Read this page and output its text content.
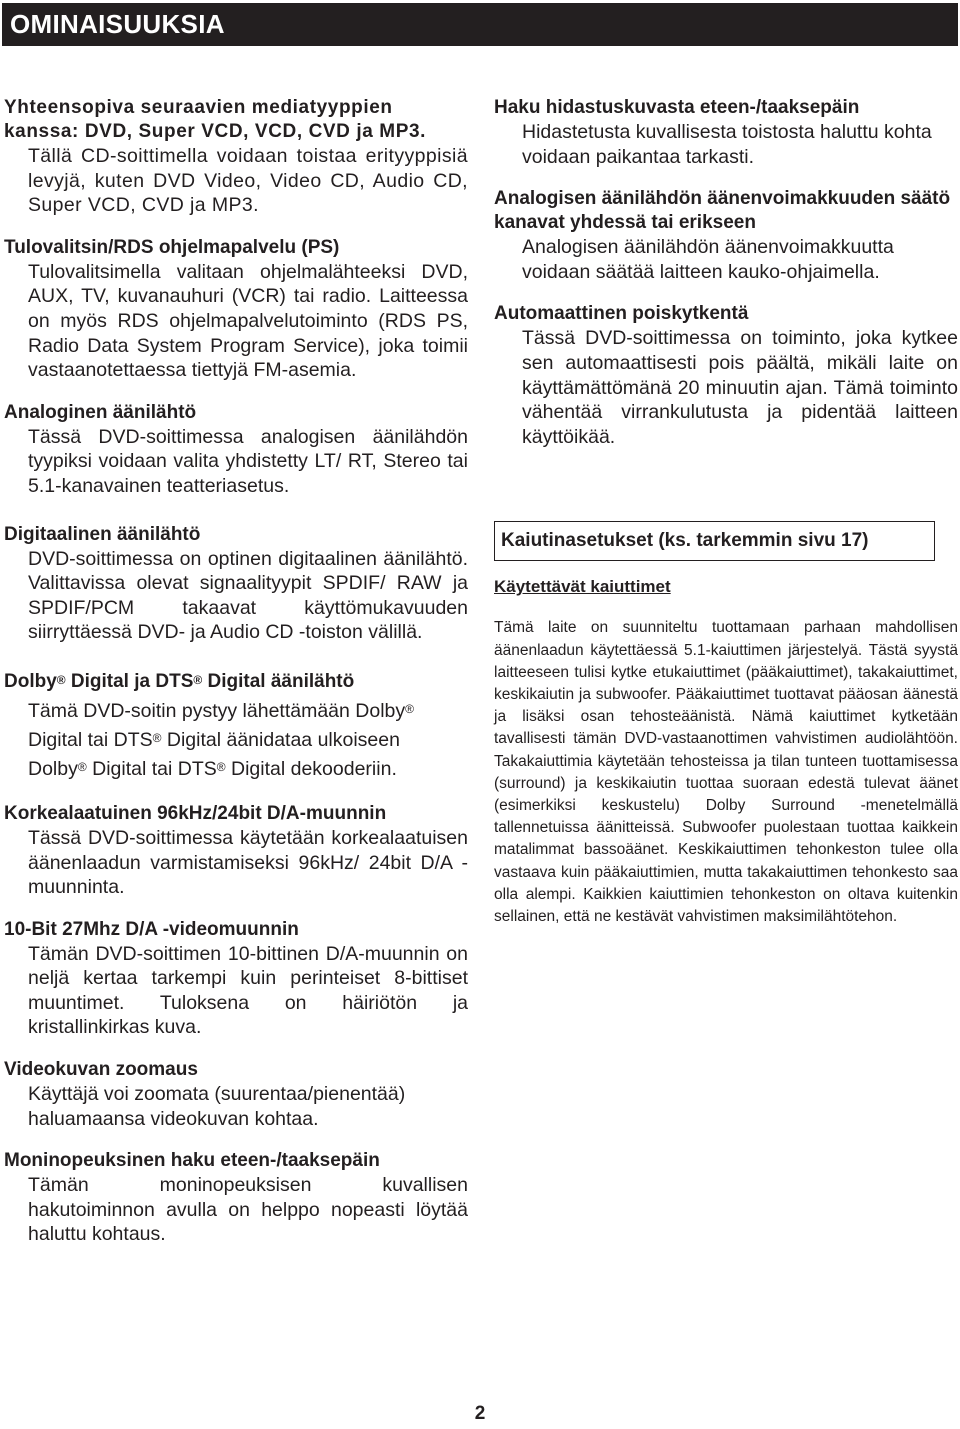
OMINAISUUKSIA
Yhteensopiva seuraavien mediatyyppien kanssa: DVD, Super VCD, VCD, CVD ja MP3.

Tällä CD-soittimella voidaan toistaa erityyppisiä levyjä, kuten DVD Video, Video CD, Audio CD, Super VCD, CVD ja MP3.

Tulovalitsin/RDS ohjelmapalvelu (PS)

Tulovalitsimella valitaan ohjelmalähteeksi DVD, AUX, TV, kuvanauhuri (VCR) tai radio. Laitteessa on myös RDS ohjelmapalvelutoiminto (RDS PS, Radio Data System Program Service), joka toimii vastaanotettaessa tiettyjä FM-asemia.

Analoginen äänilähtö

Tässä DVD-soittimessa analogisen äänilähdön tyypiksi voidaan valita yhdistetty LT/ RT, Stereo tai 5.1-kanavainen teatteriasetus.

Digitaalinen äänilähtö

DVD-soittimessa on optinen digitaalinen äänilähtö. Valittavissa olevat signaalityypit SPDIF/ RAW ja SPDIF/PCM takaavat käyttömukavuuden siirryttäessä DVD- ja Audio CD -toiston välillä.

Dolby® Digital ja DTS® Digital äänilähtö
Tämä DVD-soitin pystyy lähettämään Dolby®
Digital tai DTS® Digital äänidataa ulkoiseen
Dolby® Digital tai DTS® Digital dekooderiin.
Korkealaatuinen 96kHz/24bit D/A-muunnin

Tässä DVD-soittimessa käytetään korkealaatuisen äänenlaadun varmistamiseksi 96kHz/ 24bit D/A -muunninta.

10-Bit 27Mhz D/A -videomuunnin

Tämän DVD-soittimen 10-bittinen D/A-muunnin on neljä kertaa tarkempi kuin perinteiset 8-bittiset muuntimet. Tuloksena on häiriötön ja kristallinkirkas kuva.

Videokuvan zoomaus

Käyttäjä voi zoomata (suurentaa/pienentää) haluamaansa videokuvan kohtaa.

Moninopeuksinen haku eteen-/taaksepäin

Tämän moninopeuksisen kuvallisen hakutoiminnon avulla on helppo nopeasti löytää haluttu kohtaus.

Haku hidastuskuvasta eteen-/taaksepäin

Hidastetusta kuvallisesta toistosta haluttu kohta voidaan paikantaa tarkasti.

Analogisen äänilähdön äänenvoimakkuuden säätö kanavat yhdessä tai erikseen

Analogisen äänilähdön äänenvoimakkuutta voidaan säätää laitteen kauko-ohjaimella.

Automaattinen poiskytkentä

Tässä DVD-soittimessa on toiminto, joka kytkee sen automaattisesti pois päältä, mikäli laite on käyttämättömänä 20 minuutin ajan. Tämä toiminto vähentää virrankulutusta ja pidentää laitteen käyttöikää.

Kaiutinasetukset (ks. tarkemmin sivu 17)

Käytettävät kaiuttimet

Tämä laite on suunniteltu tuottamaan parhaan mahdollisen äänenlaadun käytettäessä 5.1-kaiuttimen järjestelyä. Tästä syystä laitteeseen tulisi kytke etukaiuttimet (pääkaiuttimet), takakaiuttimet, keskikaiutin ja subwoofer. Pääkaiuttimet tuottavat pääosan äänestä ja lisäksi osan tehosteäänistä. Nämä kaiuttimet kytketään tavallisesti tämän DVD-vastaanottimen vahvistimen audiolähtöön. Takakaiuttimia käytetään tehosteissa ja tilan tunteen tuottamisessa (surround) ja keskikaiutin tuottaa suoraan edestä tulevat äänet (esimerkiksi keskustelu) Dolby Surround -menetelmällä tallennetuissa äänitteissä. Subwoofer puolestaan tuottaa kaikkein matalimmat bassoäänet. Keskikaiuttimen tehonkeston tulee olla vastaava kuin pääkaiuttimien, mutta takakaiuttimen tehonkesto saa olla alempi. Kaikkien kaiuttimien tehonkeston on oltava kuitenkin sellainen, että ne kestävät vahvistimen maksimilähtötehon.

2
